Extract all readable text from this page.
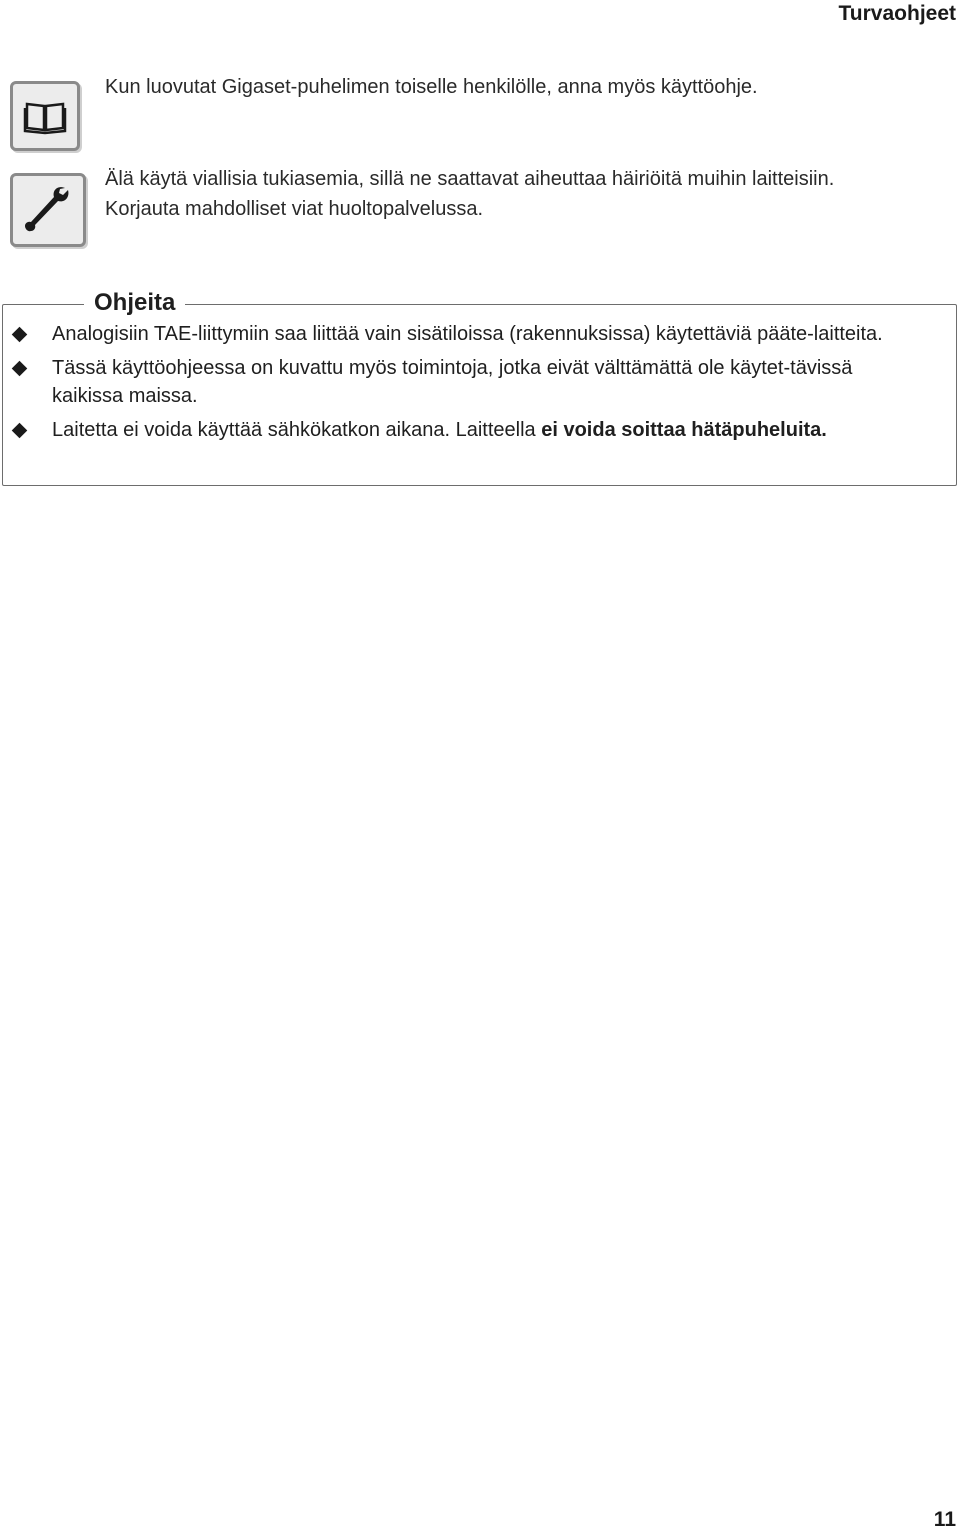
Turvaohjeet
Kun luovutat Gigaset-puhelimen toiselle henkilölle, anna myös käyttöohje.
Älä käytä viallisia tukiasemia, sillä ne saattavat aiheuttaa häiriöitä muihin laitteisiin.
Korjauta mahdolliset viat huoltopalvelussa.
Ohjeita
Analogisiin TAE-liittymiin saa liittää vain sisätiloissa (rakennuksissa) käytettäviä pääte-laitteita.
Tässä käyttöohjeessa on kuvattu myös toimintoja, jotka eivät välttämättä ole käytet-tävissä kaikissa maissa.
Laitetta ei voida käyttää sähkökatkon aikana. Laitteella ei voida soittaa hätäpuheluita.
11
